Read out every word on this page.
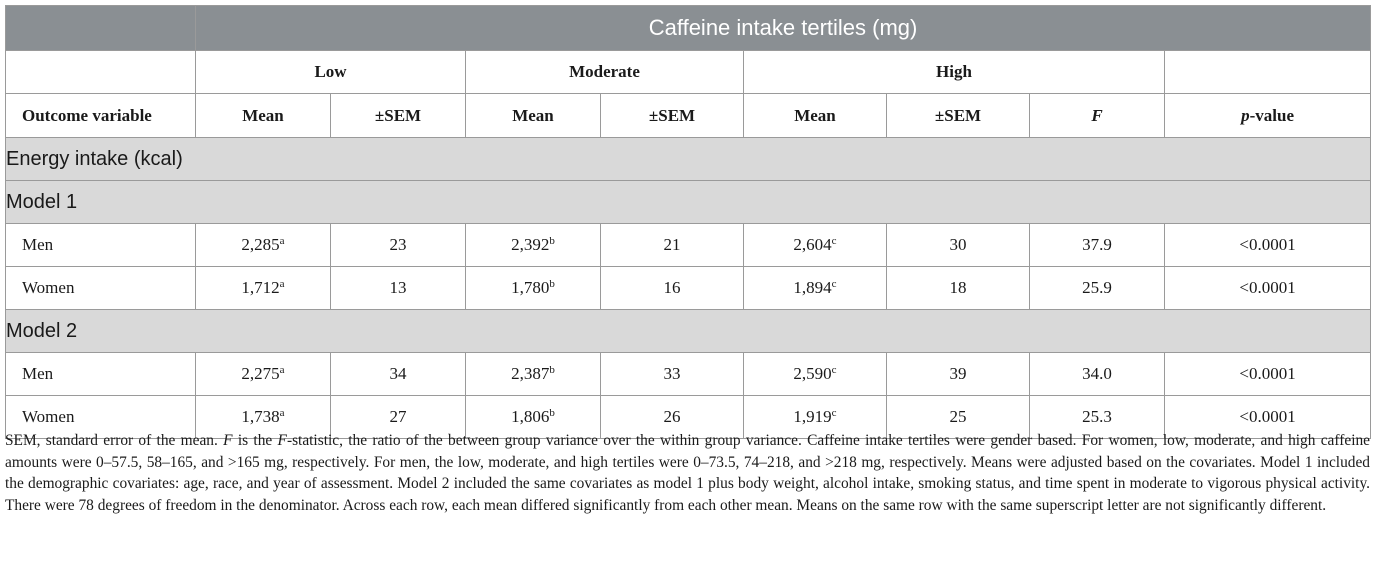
	Caffeine intake tertiles (mg)							
	Low		Moderate		High			
Outcome variable	Mean	±SEM	Mean	±SEM	Mean	±SEM	F	p-value
Energy intake (kcal)								
Model 1								
Men	2,285$^a$	23	2,392$^b$	21	2,604$^c$	30	37.9	<0.0001
Women	1,712$^a$	13	1,780$^b$	16	1,894$^c$	18	25.9	<0.0001
Model 2								
Men	2,275$^a$	34	2,387$^b$	33	2,590$^c$	39	34.0	<0.0001
Women	1,738$^a$	27	1,806$^b$	26	1,919$^c$	25	25.3	<0.0001

SEM, standard error of the mean. F is the F-statistic, the ratio of the between group variance over the within group variance. Caffeine intake tertiles were gender based. For women, low, moderate, and high caffeine amounts were 0–57.5, 58–165, and >165 mg, respectively. For men, the low, moderate, and high tertiles were 0–73.5, 74–218, and >218 mg, respectively. Means were adjusted based on the covariates. Model 1 included the demographic covariates: age, race, and year of assessment. Model 2 included the same covariates as model 1 plus body weight, alcohol intake, smoking status, and time spent in moderate to vigorous physical activity. There were 78 degrees of freedom in the denominator. Across each row, each mean differed significantly from each other mean. Means on the same row with the same superscript letter are not significantly different.
